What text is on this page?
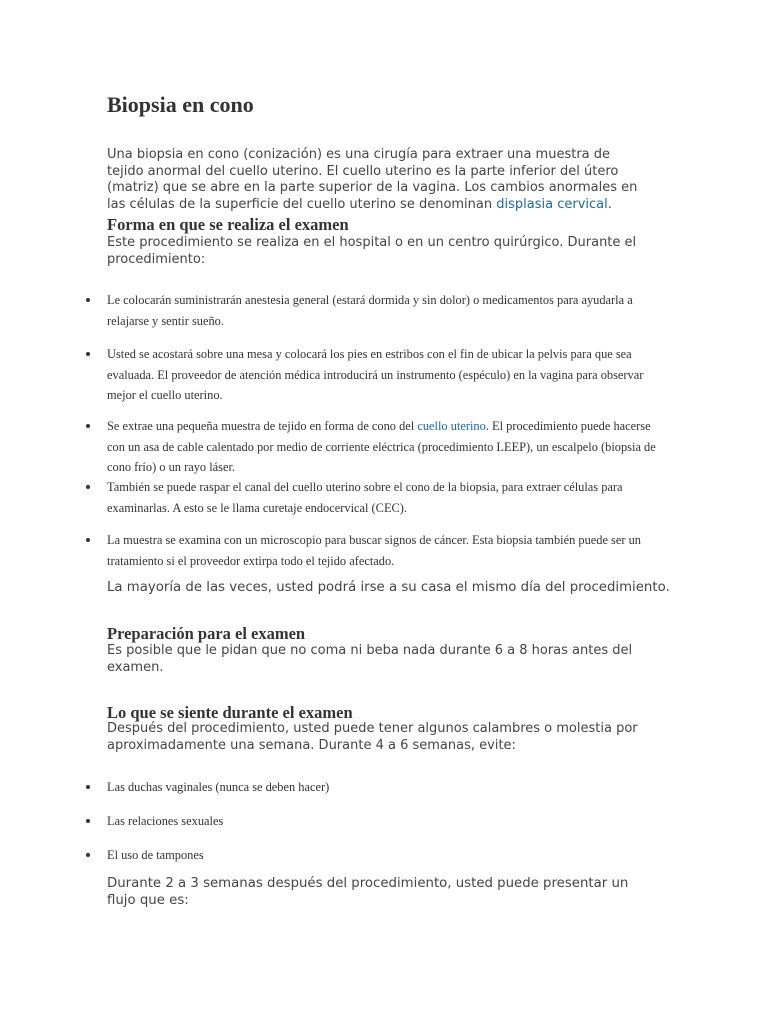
Biopsia en cono

Una biopsia en cono (conización) es una cirugía para extraer una muestra de tejido anormal del cuello uterino. El cuello uterino es la parte inferior del útero (matriz) que se abre en la parte superior de la vagina. Los cambios anormales en las células de la superficie del cuello uterino se denominan displasia cervical.

Forma en que se realiza el examen

Este procedimiento se realiza en el hospital o en un centro quirúrgico. Durante el procedimiento:

Le colocarán suministrarán anestesia general (estará dormida y sin dolor) o medicamentos para ayudarla a relajarse y sentir sueño.
Usted se acostará sobre una mesa y colocará los pies en estribos con el fin de ubicar la pelvis para que sea evaluada. El proveedor de atención médica introducirá un instrumento (espéculo) en la vagina para observar mejor el cuello uterino.
Se extrae una pequeña muestra de tejido en forma de cono del cuello uterino. El procedimiento puede hacerse con un asa de cable calentado por medio de corriente eléctrica (procedimiento LEEP), un escalpelo (biopsia de cono frío) o un rayo láser.
También se puede raspar el canal del cuello uterino sobre el cono de la biopsia, para extraer células para examinarlas. A esto se le llama curetaje endocervical (CEC).
La muestra se examina con un microscopio para buscar signos de cáncer. Esta biopsia también puede ser un tratamiento si el proveedor extirpa todo el tejido afectado.

La mayoría de las veces, usted podrá irse a su casa el mismo día del procedimiento.

Preparación para el examen

Es posible que le pidan que no coma ni beba nada durante 6 a 8 horas antes del examen.

Lo que se siente durante el examen

Después del procedimiento, usted puede tener algunos calambres o molestia por aproximadamente una semana. Durante 4 a 6 semanas, evite:

Las duchas vaginales (nunca se deben hacer)
Las relaciones sexuales
El uso de tampones

Durante 2 a 3 semanas después del procedimiento, usted puede presentar un flujo que es:
